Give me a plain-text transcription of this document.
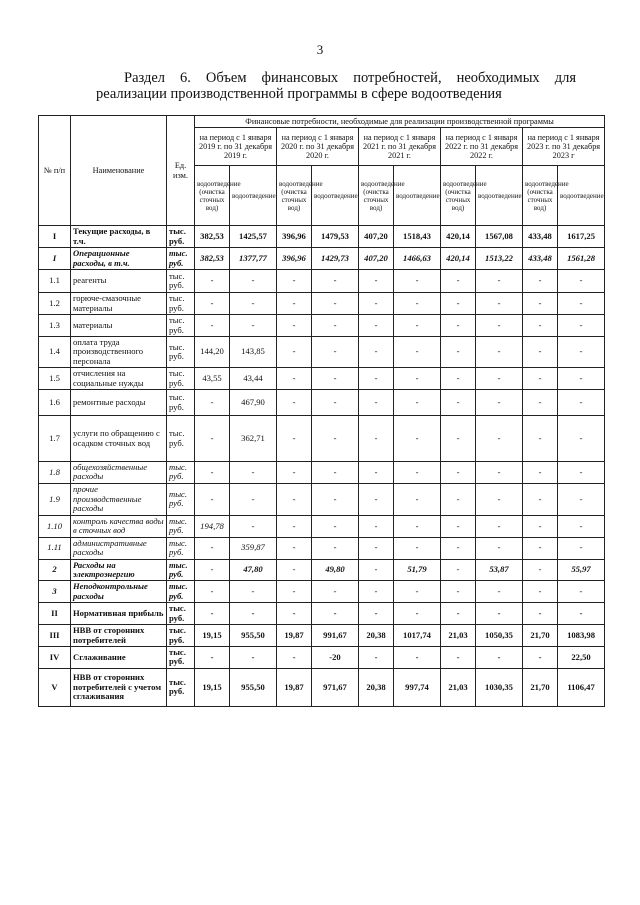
3
Раздел 6. Объем финансовых потребностей, необходимых для
реализации производственной программы в сфере водоотведения
№ п/п	Наименование	Ед. изм.	Финансовые потребности, необходимые для реализации производственной программы									
			на период с 1 января 2019 г. по 31 декабря 2019 г.		на период с 1 января 2020 г. по 31 декабря 2020 г.		на период с 1 января 2021 г. по 31 декабря 2021 г.		на период с 1 января 2022 г. по 31 декабря 2022 г.		на период с 1 января 2023 г. по 31 декабря 2023 г	
			водоотведение (очистка сточных вод)	водоотведение	водоотведение (очистка сточных вод)	водоотведение	водоотведение (очистка сточных вод)	водоотведение	водоотведение (очистка сточных вод)	водоотведение	водоотведение (очистка сточных вод)	водоотведение
I	Текущие расходы, в т.ч.	тыс. руб.	382,53	1425,57	396,96	1479,53	407,20	1518,43	420,14	1567,08	433,48	1617,25
I	Операционные расходы, в т.ч.	тыс. руб.	382,53	1377,77	396,96	1429,73	407,20	1466,63	420,14	1513,22	433,48	1561,28
1.1	реагенты	тыс. руб.	-	-	-	-	-	-	-	-	-	-
1.2	горюче-смазочные материалы	тыс. руб.	-	-	-	-	-	-	-	-	-	-
1.3	материалы	тыс. руб.	-	-	-	-	-	-	-	-	-	-
1.4	оплата труда производственного персонала	тыс. руб.	144,20	143,85	-	-	-	-	-	-	-	-
1.5	отчисления на социальные нужды	тыс. руб.	43,55	43,44	-	-	-	-	-	-	-	-
1.6	ремонтные расходы	тыс. руб.	-	467,90	-	-	-	-	-	-	-	-
1.7	услуги по обращению с осадком сточных вод	тыс. руб.	-	362,71	-	-	-	-	-	-	-	-
1.8	общехозяйственные расходы	тыс. руб.	-	-	-	-	-	-	-	-	-	-
1.9	прочие производственные расходы	тыс. руб.	-	-	-	-	-	-	-	-	-	-
1.10	контроль качества воды в сточных вод	тыс. руб.	194,78	-	-	-	-	-	-	-	-	-
1.11	административные расходы	тыс. руб.	-	359,87	-	-	-	-	-	-	-	-
2	Расходы на электроэнергию	тыс. руб.	-	47,80	-	49,80	-	51,79	-	53,87	-	55,97
3	Неподконтрольные расходы	тыс. руб.	-	-	-	-	-	-	-	-	-	-
II	Нормативная прибыль	тыс. руб.	-	-	-	-	-	-	-	-	-	-
III	НВВ от сторонних потребителей	тыс. руб.	19,15	955,50	19,87	991,67	20,38	1017,74	21,03	1050,35	21,70	1083,98
IV	Сглаживание	тыс. руб.	-	-	-	-20	-	-	-	-	-	22,50
V	НВВ от сторонних потребителей с учетом сглаживания	тыс. руб.	19,15	955,50	19,87	971,67	20,38	997,74	21,03	1030,35	21,70	1106,47
